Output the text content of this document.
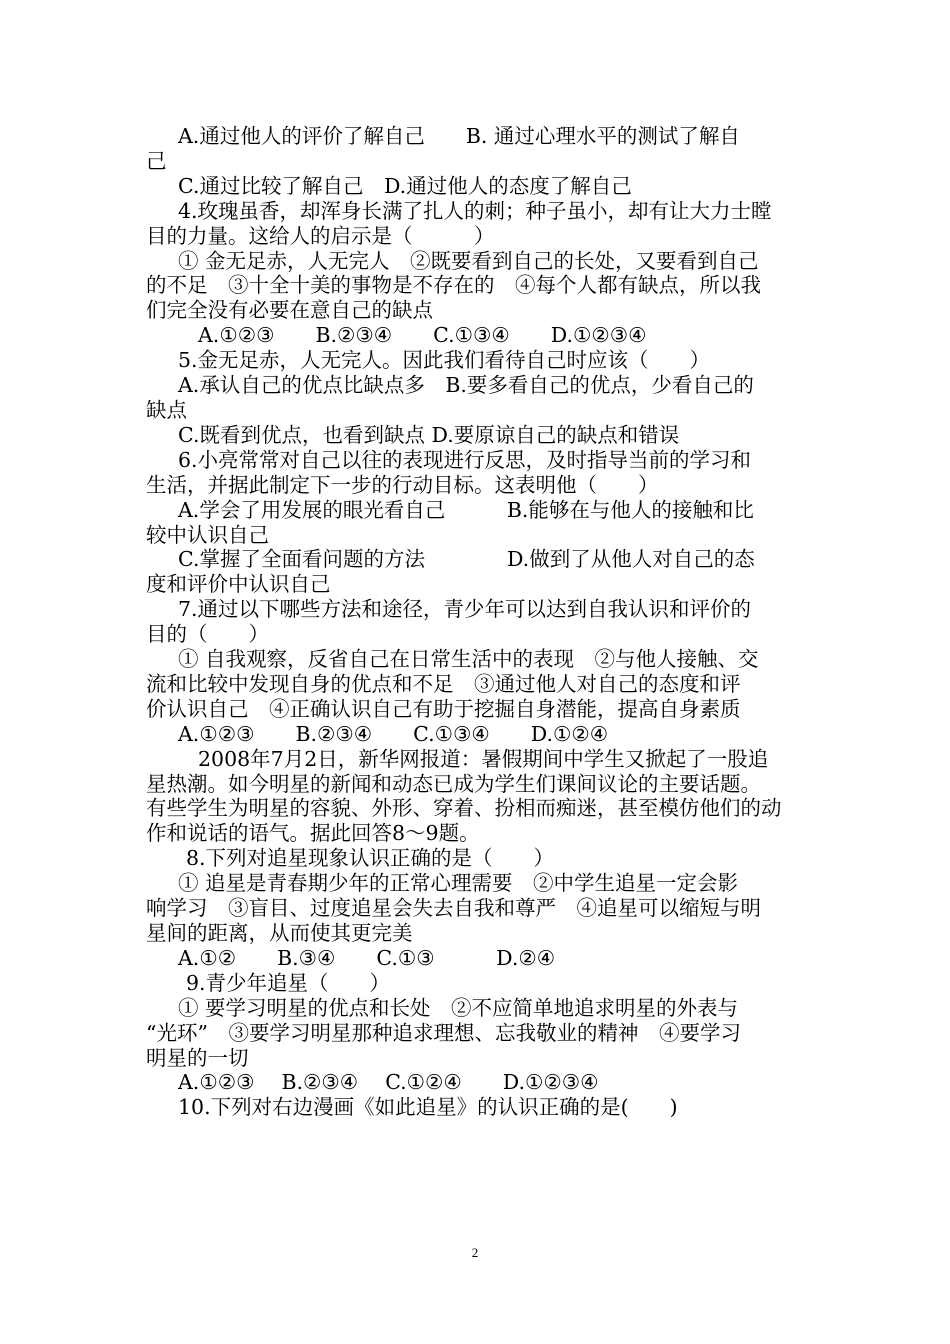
A.通过他人的评价了解自己　　B. 通过心理水平的测试了解自
己
C.通过比较了解自己　D.通过他人的态度了解自己
4.玫瑰虽香，却浑身长满了扎人的刺；种子虽小，却有让大力士瞠
目的力量。这给人的启示是（　　　）
① 金无足赤，人无完人　②既要看到自己的长处，又要看到自己
的不足　③十全十美的事物是不存在的　④每个人都有缺点，所以我
们完全没有必要在意自己的缺点
A.①②③　　B.②③④　　C.①③④　　D.①②③④
5.金无足赤，人无完人。因此我们看待自己时应该（　　）
A.承认自己的优点比缺点多　B.要多看自己的优点，少看自己的
缺点
C.既看到优点，也看到缺点 D.要原谅自己的缺点和错误
6.小亮常常对自己以往的表现进行反思，及时指导当前的学习和
生活，并据此制定下一步的行动目标。这表明他（　　）
A.学会了用发展的眼光看自己　　　B.能够在与他人的接触和比
较中认识自己
C.掌握了全面看问题的方法　　　　D.做到了从他人对自己的态
度和评价中认识自己
7.通过以下哪些方法和途径，青少年可以达到自我认识和评价的
目的（　　）
① 自我观察，反省自己在日常生活中的表现　②与他人接触、交
流和比较中发现自身的优点和不足　③通过他人对自己的态度和评
价认识自己　④正确认识自己有助于挖掘自身潜能，提高自身素质
A.①②③　　B.②③④　　C.①③④　　D.①②④
2008年7月2日，新华网报道：暑假期间中学生又掀起了一股追
星热潮。如今明星的新闻和动态已成为学生们课间议论的主要话题。
有些学生为明星的容貌、外形、穿着、扮相而痴迷，甚至模仿他们的动
作和说话的语气。据此回答8～9题。
8.下列对追星现象认识正确的是（　　）
① 追星是青春期少年的正常心理需要　②中学生追星一定会影
响学习　③盲目、过度追星会失去自我和尊严　④追星可以缩短与明
星间的距离，从而使其更完美
A.①②　　B.③④　　C.①③　　　D.②④
9.青少年追星（　　）
① 要学习明星的优点和长处　②不应简单地追求明星的外表与
“光环”　③要学习明星那种追求理想、忘我敬业的精神　④要学习
明星的一切
A.①②③　 B.②③④　 C.①②④　　D.①②③④
10.下列对右边漫画《如此追星》的认识正确的是(　　)
2
